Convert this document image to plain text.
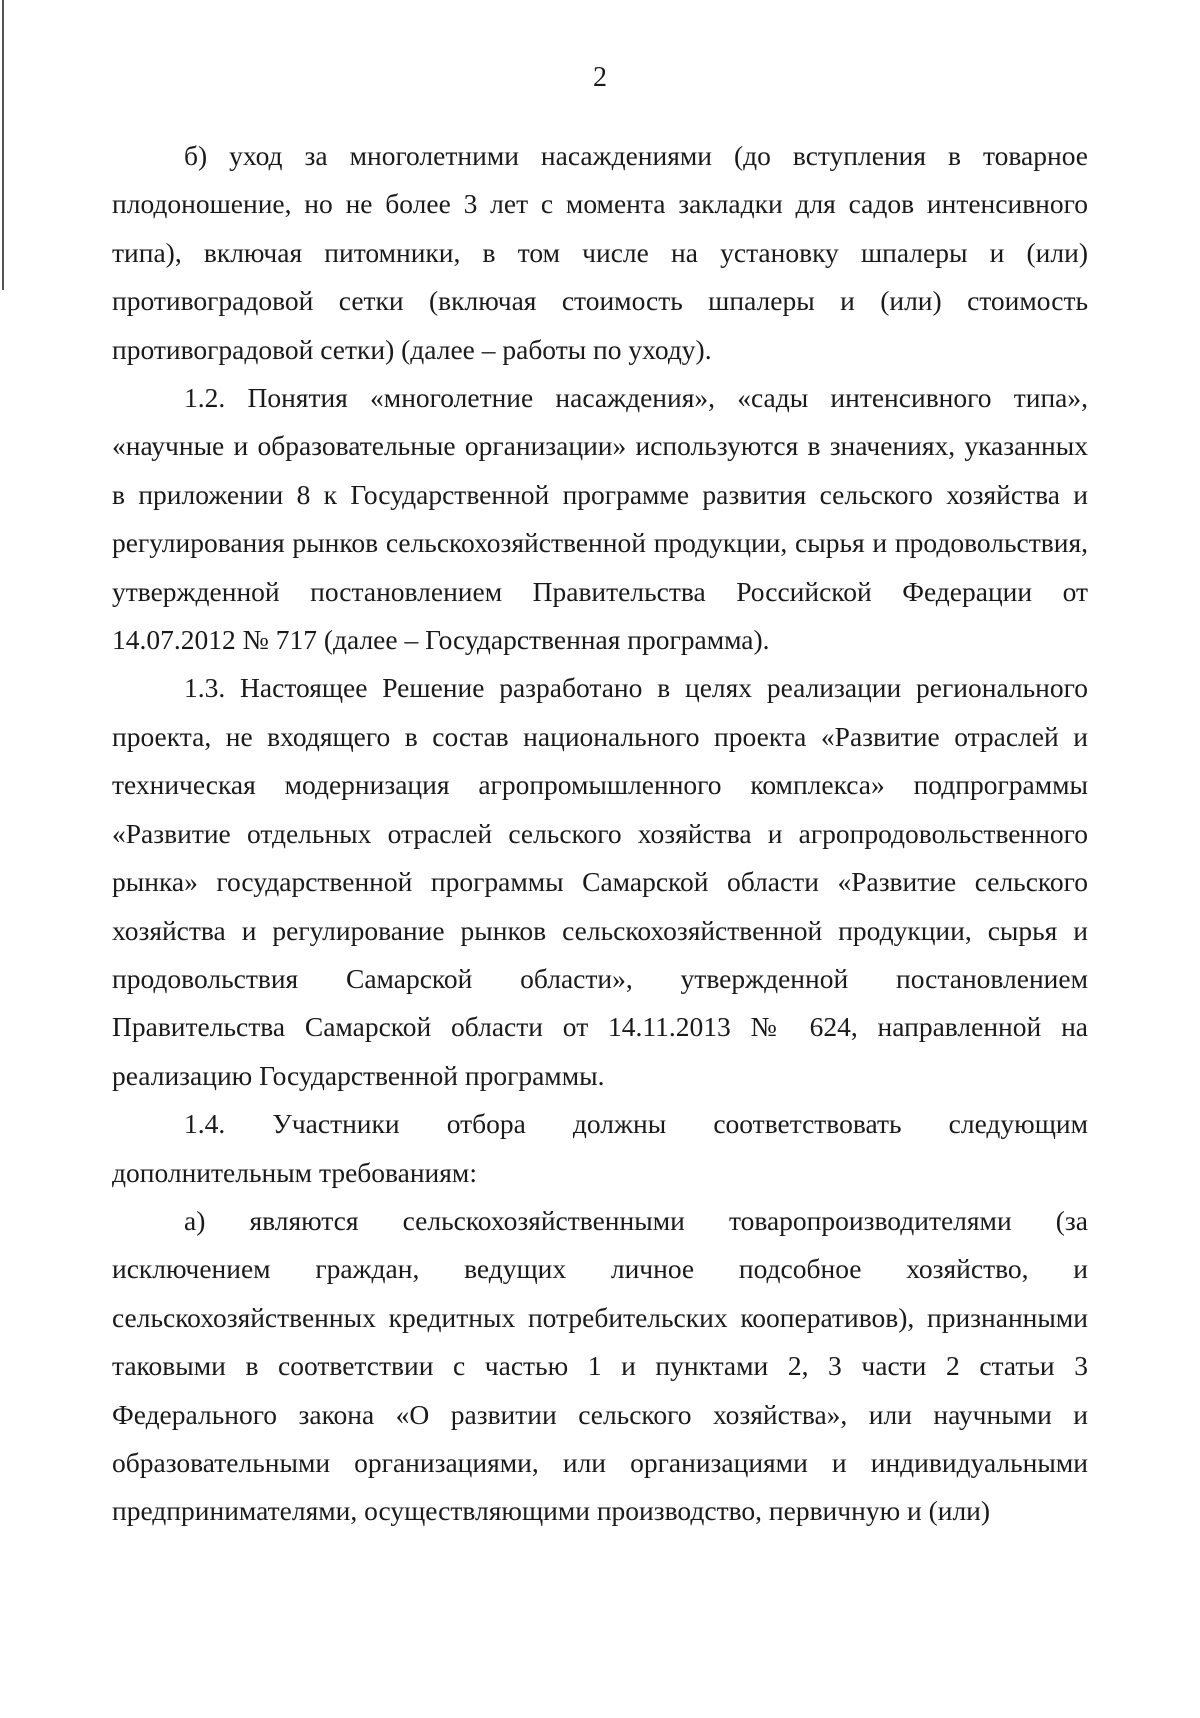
2

б) уход за многолетними насаждениями (до вступления в товарное плодоношение, но не более 3 лет с момента закладки для садов интенсивного типа), включая питомники, в том числе на установку шпалеры и (или) противоградовой сетки (включая стоимость шпалеры и (или) стоимость противоградовой сетки) (далее – работы по уходу).

1.2. Понятия «многолетние насаждения», «сады интенсивного типа», «научные и образовательные организации» используются в значениях, указанных в приложении 8 к Государственной программе развития сельского хозяйства и регулирования рынков сельскохозяйственной продукции, сырья и продовольствия, утвержденной постановлением Правительства Российской Федерации от 14.07.2012 № 717 (далее – Государственная программа).

1.3. Настоящее Решение разработано в целях реализации регионального проекта, не входящего в состав национального проекта «Развитие отраслей и техническая модернизация агропромышленного комплекса» подпрограммы «Развитие отдельных отраслей сельского хозяйства и агропродовольственного рынка» государственной программы Самарской области «Развитие сельского хозяйства и регулирование рынков сельскохозяйственной продукции, сырья и продовольствия Самарской области», утвержденной постановлением Правительства Самарской области от 14.11.2013 № 624, направленной на реализацию Государственной программы.

1.4. Участники отбора должны соответствовать следующим дополнительным требованиям:

а) являются сельскохозяйственными товаропроизводителями (за исключением граждан, ведущих личное подсобное хозяйство, и сельскохозяйственных кредитных потребительских кооперативов), признанными таковыми в соответствии с частью 1 и пунктами 2, 3 части 2 статьи 3 Федерального закона «О развитии сельского хозяйства», или научными и образовательными организациями, или организациями и индивидуальными предпринимателями, осуществляющими производство, первичную и (или)
